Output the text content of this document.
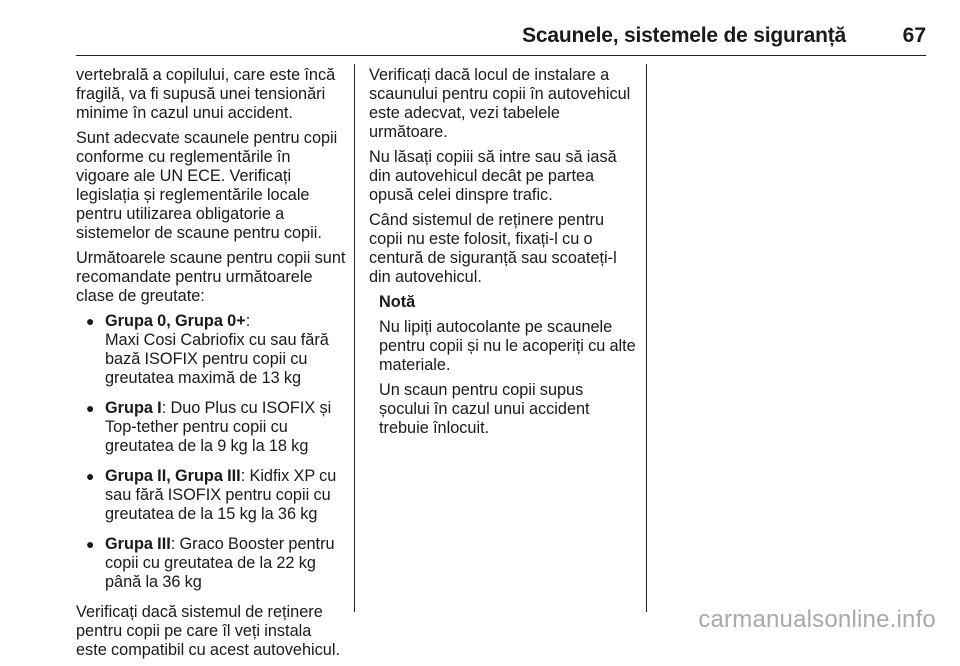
Scaunele, sistemele de siguranță	67

vertebrală a copilului, care este încă fragilă, va fi supusă unei tensionări minime în cazul unui accident.

Sunt adecvate scaunele pentru copii conforme cu reglementările în vigoare ale UN ECE. Verificați legislația și reglementările locale pentru utilizarea obligatorie a sistemelor de scaune pentru copii.

Următoarele scaune pentru copii sunt recomandate pentru următoarele clase de greutate:

● Grupa 0, Grupa 0+:
Maxi Cosi Cabriofix cu sau fără bază ISOFIX pentru copii cu greutatea maximă de 13 kg
● Grupa I: Duo Plus cu ISOFIX și Top-tether pentru copii cu greutatea de la 9 kg la 18 kg
● Grupa II, Grupa III: Kidfix XP cu sau fără ISOFIX pentru copii cu greutatea de la 15 kg la 36 kg
● Grupa III: Graco Booster pentru copii cu greutatea de la 22 kg până la 36 kg

Verificați dacă sistemul de reținere pentru copii pe care îl veți instala este compatibil cu acest autovehicul.

Verificați dacă locul de instalare a scaunului pentru copii în autovehicul este adecvat, vezi tabelele următoare.

Nu lăsați copiii să intre sau să iasă din autovehicul decât pe partea opusă celei dinspre trafic.

Când sistemul de reținere pentru copii nu este folosit, fixați-l cu o centură de siguranță sau scoateți-l din autovehicul.

Notă

Nu lipiți autocolante pe scaunele pentru copii și nu le acoperiți cu alte materiale.

Un scaun pentru copii supus șocului în cazul unui accident trebuie înlocuit.

carmanualsonline.info
